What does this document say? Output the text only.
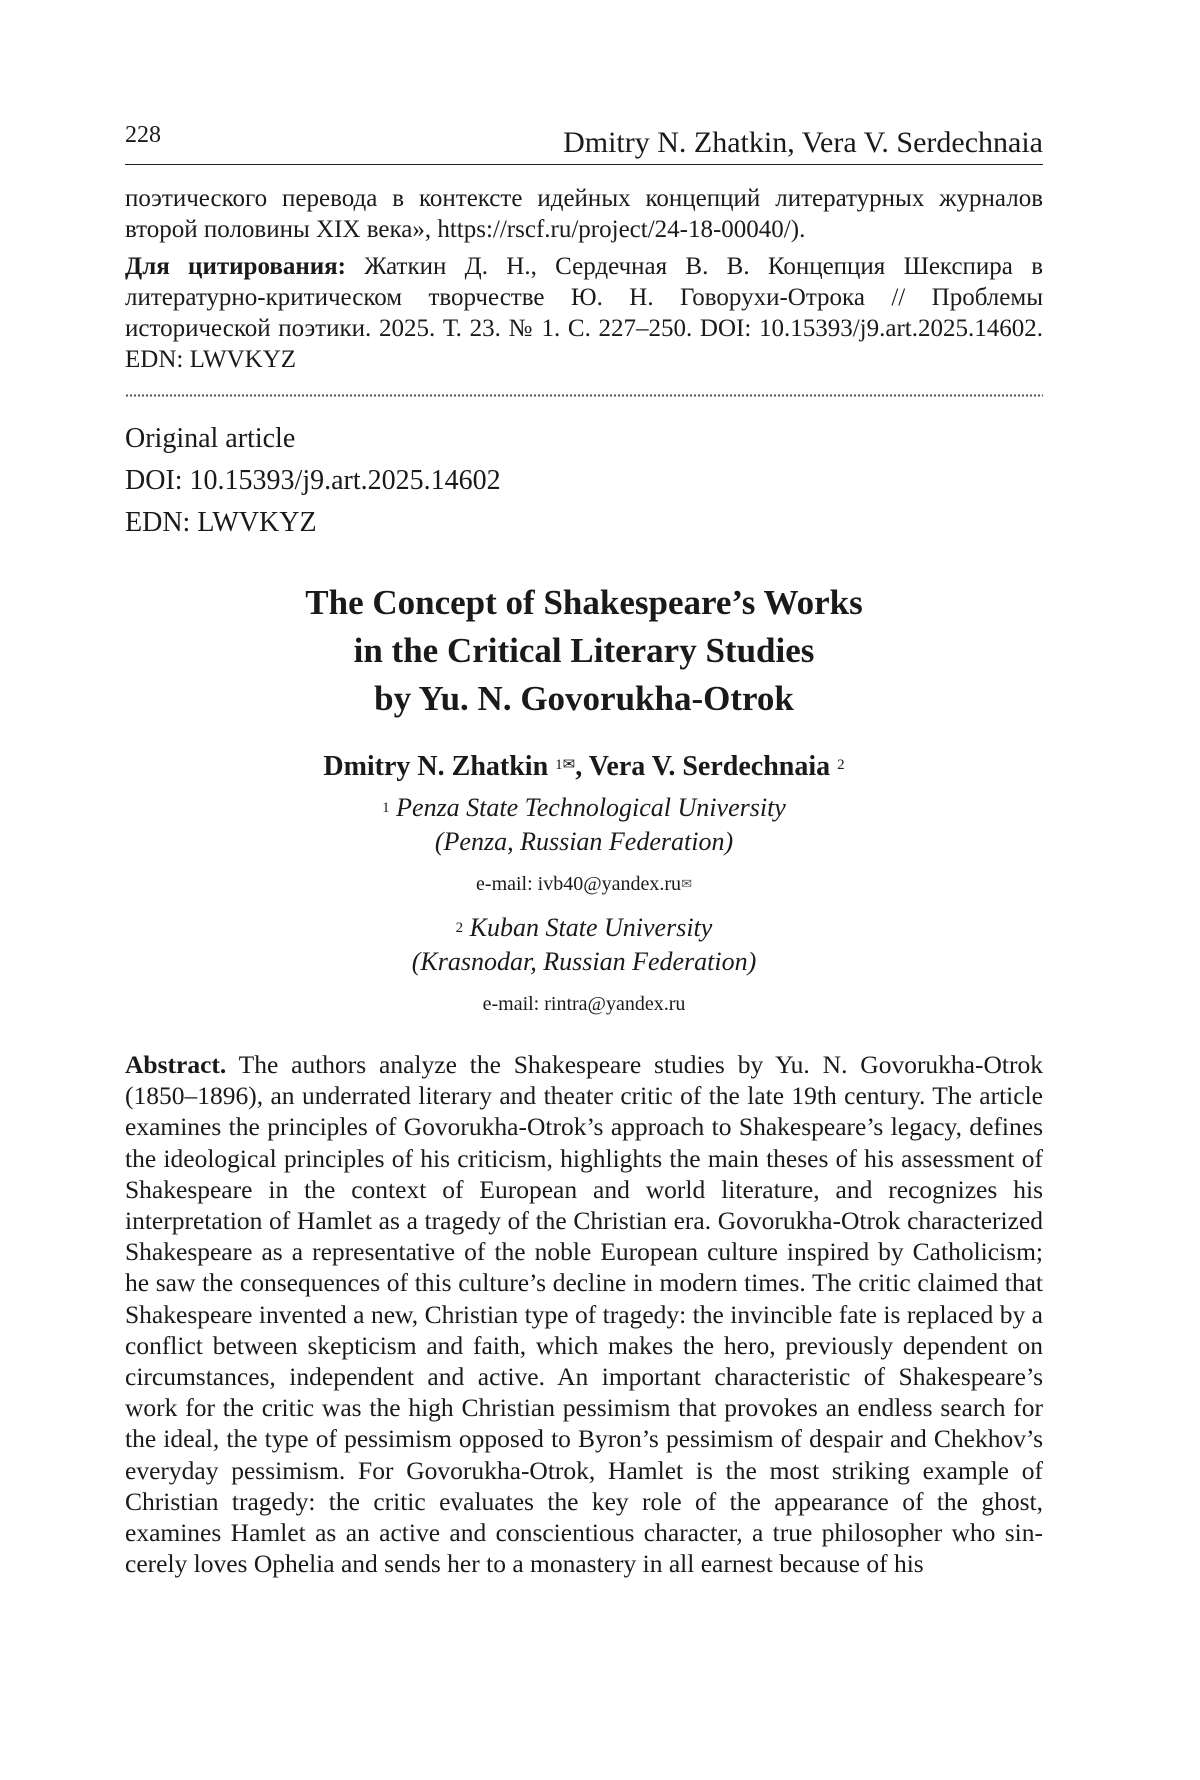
228	Dmitry N. Zhatkin, Vera V. Serdechnaia
поэтического перевода в контексте идейных концепций литературных журналов второй половины XIX века», https://rscf.ru/project/24-18-00040/).
Для цитирования: Жаткин Д. Н., Сердечная В. В. Концепция Шекспира в литературно-критическом творчестве Ю. Н. Говорухи-Отрока // Проблемы исторической поэтики. 2025. Т. 23. № 1. С. 227–250. DOI: 10.15393/j9.art.2025.14602. EDN: LWVKYZ
Original article
DOI: 10.15393/j9.art.2025.14602
EDN: LWVKYZ
The Concept of Shakespeare’s Works
in the Critical Literary Studies
by Yu. N. Govorukha-Otrok
Dmitry N. Zhatkin $^{1✉}$, Vera V. Serdechnaia $^2$
$^1$ Penza State Technological University
(Penza, Russian Federation)
e-mail: ivb40@yandex.ru✉
$^2$ Kuban State University
(Krasnodar, Russian Federation)
e-mail: rintra@yandex.ru
Abstract. The authors analyze the Shakespeare studies by Yu. N. Govorukha-Otrok (1850–1896), an underrated literary and theater critic of the late 19th century. The article examines the principles of Govorukha-Otrok’s approach to Shakespeare’s legacy, defines the ideological principles of his criticism, highlights the main theses of his assessment of Shakespeare in the context of European and world literature, and recognizes his interpretation of Hamlet as a tragedy of the Christian era. Govorukha-Otrok characterized Shakespeare as a representative of the noble European culture inspired by Catholicism; he saw the consequences of this culture’s decline in modern times. The critic claimed that Shakespeare invented a new, Christian type of tragedy: the invincible fate is replaced by a conflict between skepticism and faith, which makes the hero, previously dependent on circumstances, independent and active. An important characteristic of Shakespeare’s work for the critic was the high Christian pessimism that provokes an endless search for the ideal, the type of pessimism opposed to Byron’s pessimism of despair and Chekhov’s everyday pessimism. For Govorukha-Otrok, Hamlet is the most striking example of Christian tragedy: the critic evaluates the key role of the appearance of the ghost, examines Hamlet as an active and conscientious character, a true philosopher who sincerely loves Ophelia and sends her to a monastery in all earnest because of his
